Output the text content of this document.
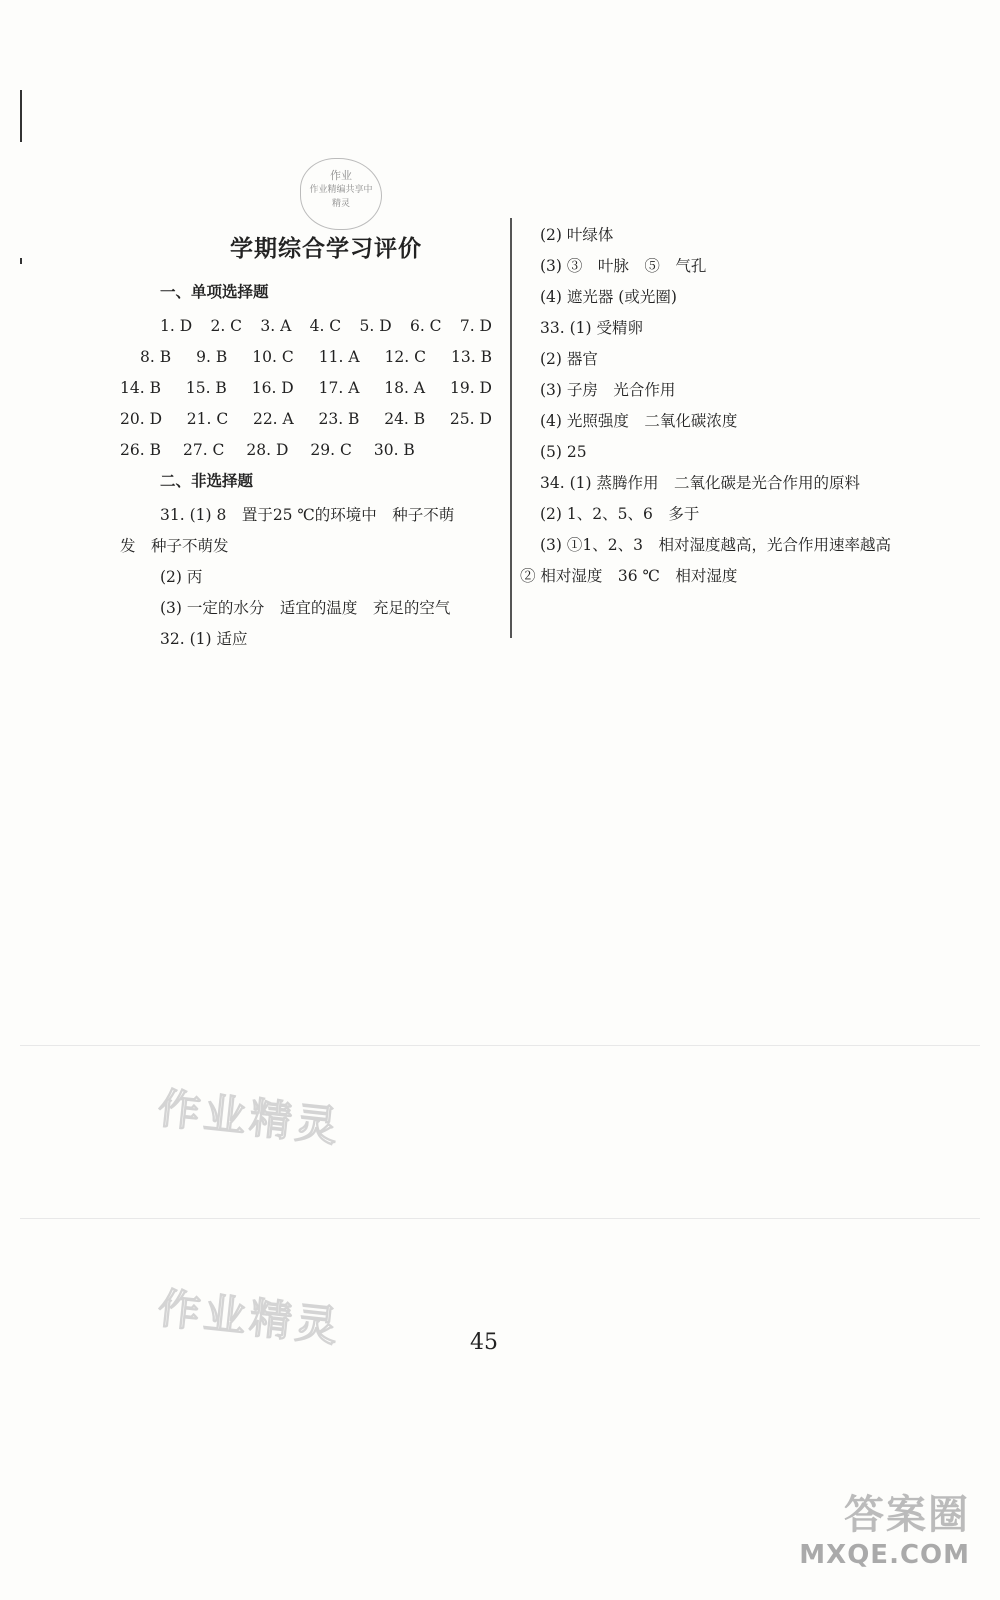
作业
作业精编共享中
精灵
学期综合学习评价
一、单项选择题
1. D 2. C 3. A 4. C 5. D 6. C 7. D
8. B 9. B 10. C 11. A 12. C 13. B
14. B 15. B 16. D 17. A 18. A 19. D
20. D 21. C 22. A 23. B 24. B 25. D
26. B 27. C 28. D 29. C 30. B
二、非选择题
31. (1) 8　置于25 ℃的环境中　种子不萌
发　种子不萌发
(2) 丙
(3) 一定的水分　适宜的温度　充足的空气
32. (1) 适应
(2) 叶绿体
(3) ③　叶脉　⑤　气孔
(4) 遮光器 (或光圈)
33. (1) 受精卵
(2) 器官
(3) 子房　光合作用
(4) 光照强度　二氧化碳浓度
(5) 25
34. (1) 蒸腾作用　二氧化碳是光合作用的原料
(2) 1、2、5、6　多于
(3) ①1、2、3　相对湿度越高，光合作用速率越高　② 相对湿度　36 ℃　相对湿度
作业精灵
作业精灵	45
答案圈
MXQE.COM
